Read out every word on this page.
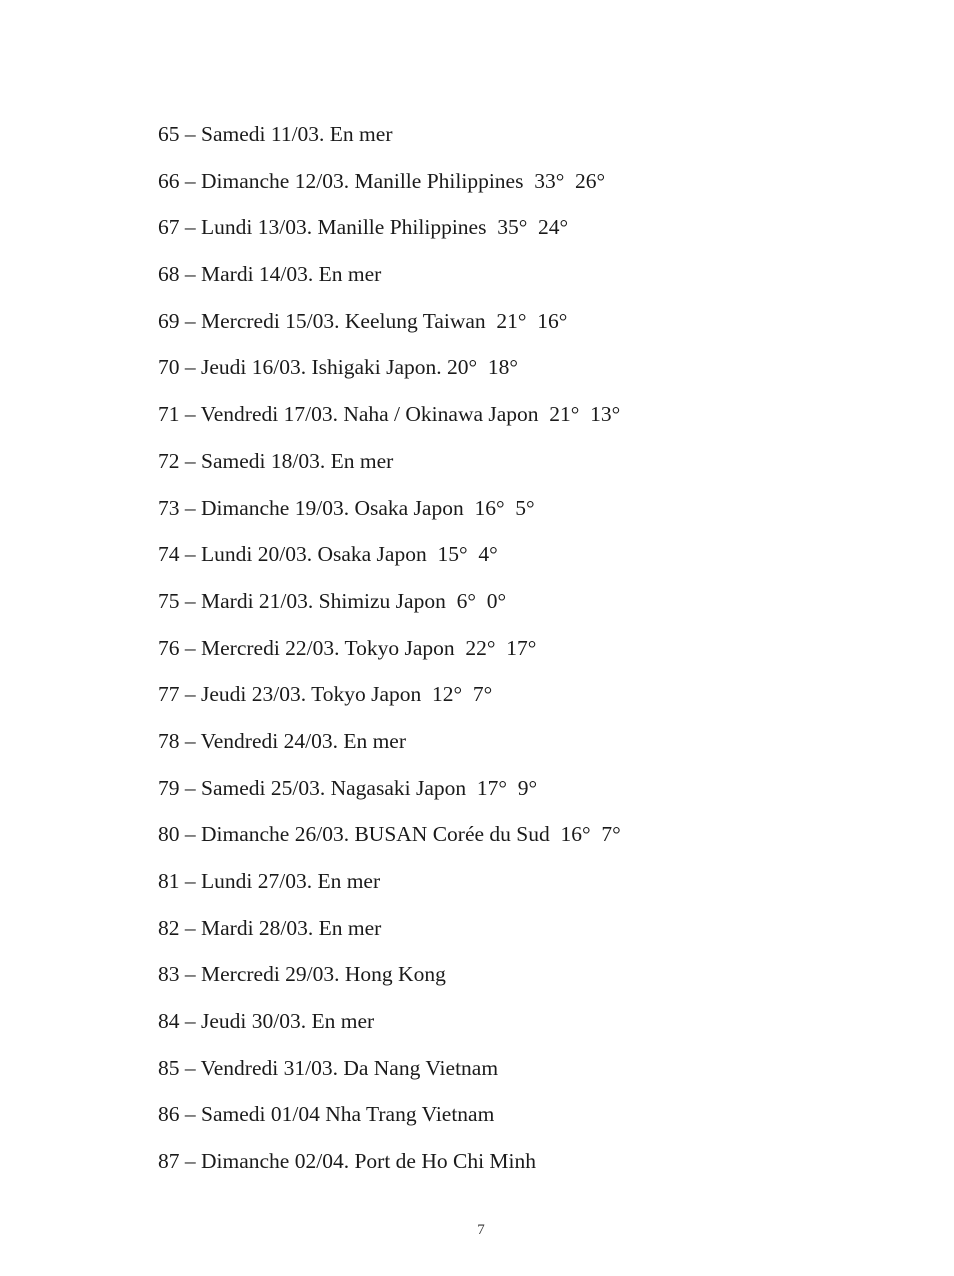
65 – Samedi 11/03. En mer
66 – Dimanche 12/03. Manille Philippines  33°  26°
67 – Lundi 13/03. Manille Philippines  35°  24°
68 – Mardi 14/03. En mer
69 – Mercredi 15/03. Keelung Taiwan  21°  16°
70 – Jeudi 16/03. Ishigaki Japon. 20°  18°
71 – Vendredi 17/03. Naha / Okinawa Japon  21°  13°
72 – Samedi 18/03. En mer
73 – Dimanche 19/03. Osaka Japon  16°  5°
74 – Lundi 20/03. Osaka Japon  15°  4°
75 – Mardi 21/03. Shimizu Japon  6°  0°
76 – Mercredi 22/03. Tokyo Japon  22°  17°
77 – Jeudi 23/03. Tokyo Japon  12°  7°
78 – Vendredi 24/03. En mer
79 – Samedi 25/03. Nagasaki Japon  17°  9°
80 – Dimanche 26/03. BUSAN Corée du Sud  16°  7°
81 – Lundi 27/03. En mer
82 – Mardi 28/03. En mer
83 – Mercredi 29/03. Hong Kong
84 – Jeudi 30/03. En mer
85 – Vendredi 31/03. Da Nang Vietnam
86 – Samedi 01/04 Nha Trang Vietnam
87 – Dimanche 02/04. Port de Ho Chi Minh
7
